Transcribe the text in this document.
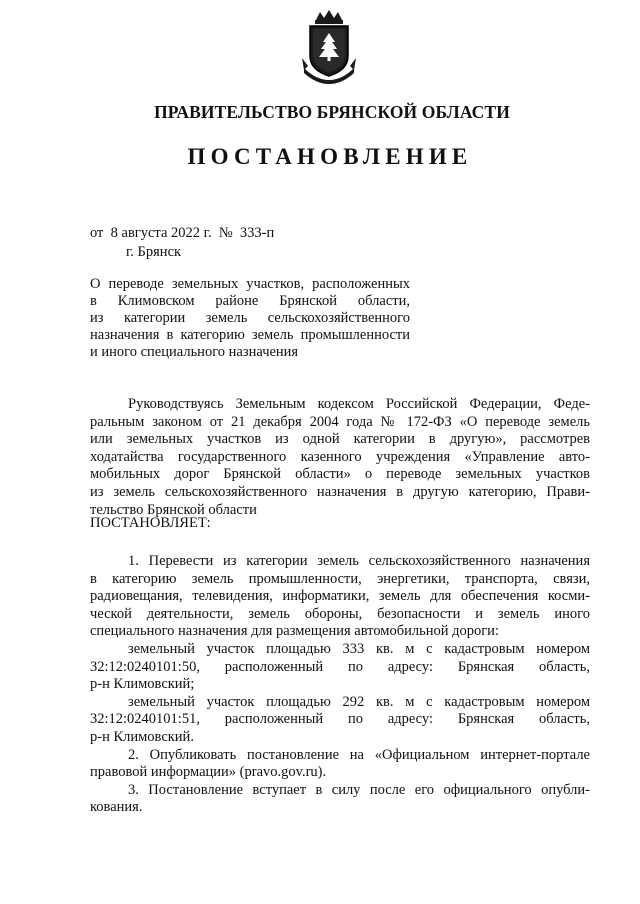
ПРАВИТЕЛЬСТВО БРЯНСКОЙ ОБЛАСТИ
ПОСТАНОВЛЕНИЕ
от  8 августа 2022 г.  №  333-п
г. Брянск
О переводе земельных участков, расположенных
в Климовском районе Брянской области,
из категории земель сельскохозяйственного
назначения в категорию земель промышленности
и иного специального назначения
Руководствуясь Земельным кодексом Российской Федерации, Феде-
ральным законом от 21 декабря 2004 года № 172-ФЗ «О переводе земель
или земельных участков из одной категории в другую», рассмотрев
ходатайства государственного казенного учреждения «Управление авто-
мобильных дорог Брянской области» о переводе земельных участков
из земель сельскохозяйственного назначения в другую категорию, Прави-
тельство Брянской области
ПОСТАНОВЛЯЕТ:
1. Перевести из категории земель сельскохозяйственного назначения
в категорию земель промышленности, энергетики, транспорта, связи,
радиовещания, телевидения, информатики, земель для обеспечения косми-
ческой деятельности, земель обороны, безопасности и земель иного
специального назначения для размещения автомобильной дороги:
земельный участок площадью 333 кв. м с кадастровым номером
32:12:0240101:50, расположенный по адресу: Брянская область,
р-н Климовский;
земельный участок площадью 292 кв. м с кадастровым номером
32:12:0240101:51, расположенный по адресу: Брянская область,
р-н Климовский.
2. Опубликовать постановление на «Официальном интернет-портале
правовой информации» (pravo.gov.ru).
3. Постановление вступает в силу после его официального опубли-
кования.
